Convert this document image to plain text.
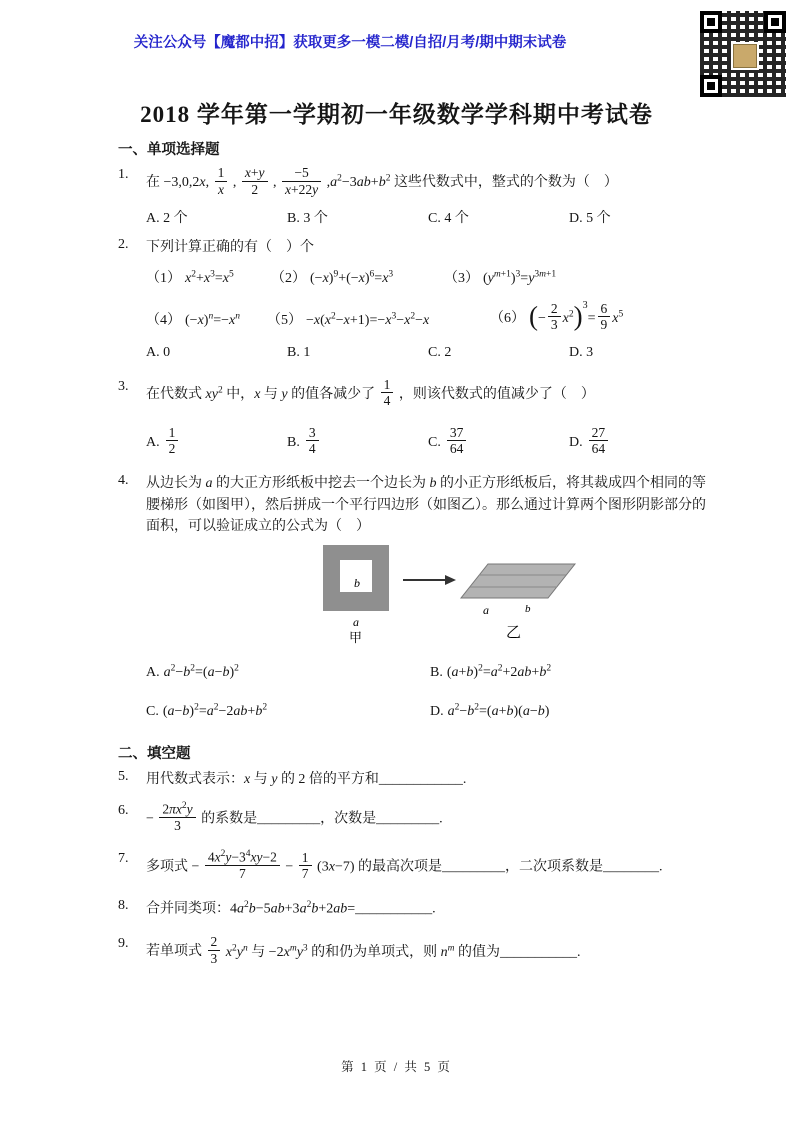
关注公众号【魔都中招】获取更多一模二模/自招/月考/期中期末试卷
2018 学年第一学期初一年级数学学科期中考试卷
一、单项选择题
1.
在 −3,0,2x, $\frac{1}{x}$ , $\frac{x+y}{2}$ , $\frac{-5}{x+22y} ,a^2-3ab+b^2$ 这些代数式中，整式的个数为（　）
A. 2 个	B. 3 个	C. 4 个	D. 5 个
2.	下列计算正确的有（　）个
（1） $x^2+x^3=x^5$	（2） $(-x)^9+(-x)^6=x^3$	（3） $(y^{m+1})^3=y^{3m+1}$
（4） $(-x)^n=-x^n$	$(5) -x(x^2-x+1)=-x^3-x^2-x$	（6） (− $\frac{2}{3} x^2)^3= \frac{6}{9} x^5$
A. 0	B. 1	C. 2	D. 3
3.
在代数式 $xy^2$ 中，x 与 y 的值各减少了 $\frac{1}{4}$ ，则该代数式的值减少了（　）
A. $\frac{1}{2}$	B. $\frac{3}{4}$	C. $\frac{37}{64}$	D. $\frac{27}{64}$
4.	从边长为 a 的大正方形纸板中挖去一个边长为 b 的小正方形纸板后，将其裁成四个相同的等腰梯形（如图甲），然后拼成一个平行四边形（如图乙）。那么通过计算两个图形阴影部分的面积，可以验证成立的公式为（　）
b
a
甲
a	b
乙
A. $a^2-b^2=(a-b)^2$	B. $(a+b)^2=a^2+2ab+b^2$
C. $(a-b)^2=a^2-2ab+b^2$	D. $a^2-b^2=(a+b)(a-b)$
二、填空题
5.	用代数式表示：x 与 y 的 2 倍的平方和____________.
6.
− $\frac{2\pi x^2y}{3}$ 的系数是_________，次数是_________.
7.
多项式 − $\frac{4x^2y-3^4xy-2}{7} - \frac{1}{7} (3x-7)$ 的最高次项是_________，二次项系数是________.
8.	合并同类项：$4a^2b-5ab+3a^2b+2ab=\_\_\_\_\_\_\_\_\_\_\_$.
9.
若单项式 $\frac{2}{3} x^2y^n$ 与 $-2x^my^3$ 的和仍为单项式，则 $n^m$ 的值为___________.
第 1 页 / 共 5 页
